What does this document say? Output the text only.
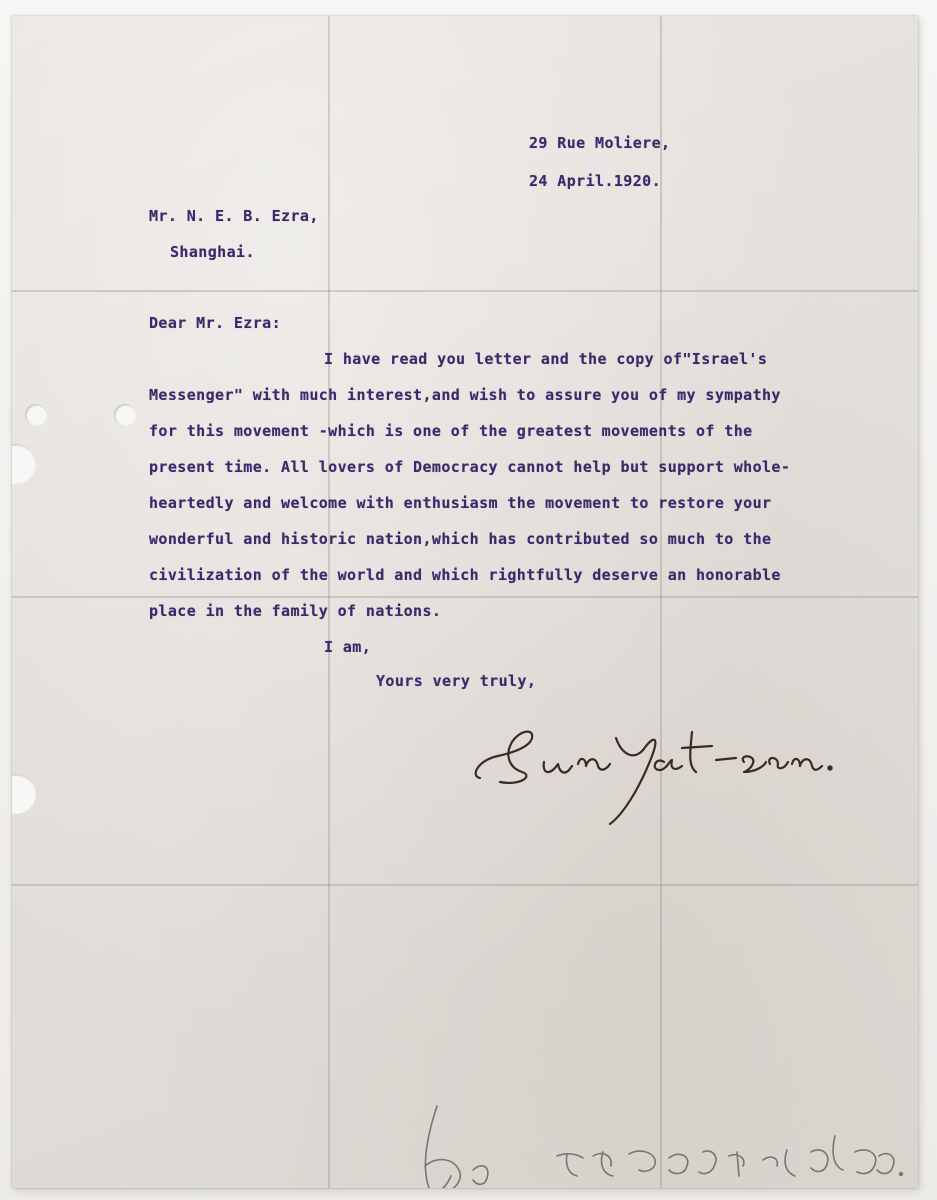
29 Rue Moliere,
24 April.1920.
Mr. N. E. B. Ezra,
Shanghai.
Dear Mr. Ezra:
I have read you letter and the copy of"Israel's
Messenger" with much interest,and wish to assure you of my sympathy
for this movement -which is one of the greatest movements of the
present time. All lovers of Democracy cannot help but support whole-
heartedly and welcome with enthusiasm the movement to restore your
wonderful and historic nation,which has contributed so much to the
civilization of the world and which rightfully deserve an honorable
place in the family of nations.
I am,
Yours very truly,
